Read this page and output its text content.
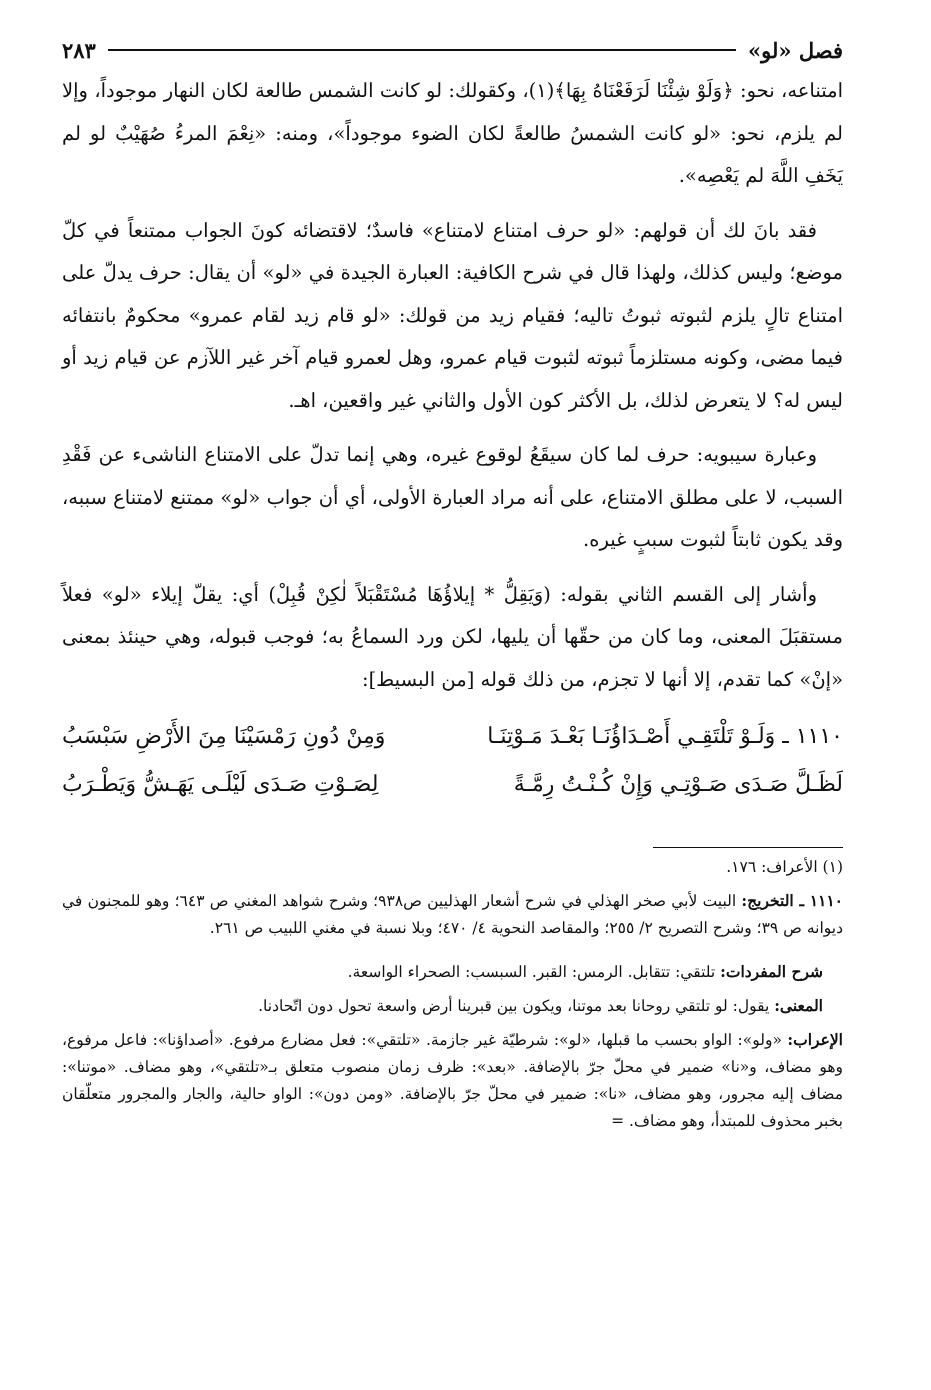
فصل «لو»
٢٨٣

امتناعه، نحو: ﴿وَلَوْ شِئْنَا لَرَفَعْنَاهُ بِهَا﴾(١)، وكقولك: لو كانت الشمس طالعة لكان النهار موجوداً، وإلا لم يلزم، نحو: «لو كانت الشمسُ طالعةً لكان الضوء موجوداً»، ومنه: «نِعْمَ المرءُ صُهَيْبٌ لو لم يَخَفِ اللَّهَ لم يَعْصِه».

فقد بانَ لك أن قولهم: «لو حرف امتناع لامتناع» فاسدٌ؛ لاقتضائه كونَ الجواب ممتنعاً في كلّ موضع؛ وليس كذلك، ولهذا قال في شرح الكافية: العبارة الجيدة في «لو» أن يقال: حرف يدلّ على امتناع تالٍ يلزم لثبوته ثبوتُ تاليه؛ فقيام زيد من قولك: «لو قام زيد لقام عمرو» محكومٌ بانتفائه فيما مضى، وكونه مستلزماً ثبوته لثبوت قيام عمرو، وهل لعمرو قيام آخر غير اللآزم عن قيام زيد أو ليس له؟ لا يتعرض لذلك، بل الأكثر كون الأول والثاني غير واقعين، اهـ.

وعبارة سيبويه: حرف لما كان سيقَعُ لوقوع غيره، وهي إنما تدلّ على الامتناع الناشىء عن فَقْدِ السبب، لا على مطلق الامتناع، على أنه مراد العبارة الأولى، أي أن جواب «لو» ممتنع لامتناع سببه، وقد يكون ثابتاً لثبوت سببٍ غيره.

وأشار إلى القسم الثاني بقوله: (وَيَقِلُّ * إيلاؤُهَا مُسْتَقْبَلاً لٰكِنْ قُبِلْ) أي: يقلّ إيلاء «لو» فعلاً مستقبَلَ المعنى، وما كان من حقّها أن يليها، لكن ورد السماعُ به؛ فوجب قبوله، وهي حينئذ بمعنى «إنْ» كما تقدم، إلا أنها لا تجزم، من ذلك قوله [من البسيط]:

١١١٠ ـ وَلَـوْ تَلْتَقِـي أَصْـدَاؤُنَـا بَعْـدَ مَـوْتِنَـا
وَمِنْ دُونِ رَمْسَيْنَا مِنَ الأَرْضِ سَبْسَبُ
لَظَـلَّ صَـدَى صَـوْتِـي وَإِنْ كُـنْـتُ رِمَّـةً
لِصَـوْتِ صَـدَى لَيْلَـى يَهَـشُّ وَيَطْـرَبُ

(١) الأعراف: ١٧٦.

١١١٠ ـ التخريج: البيت لأبي صخر الهذلي في شرح أشعار الهذليين ص٩٣٨؛ وشرح شواهد المغني ص ٦٤٣؛ وهو للمجنون في ديوانه ص ٣٩؛ وشرح التصريح ٢/ ٢٥٥؛ والمقاصد النحوية ٤/ ٤٧٠؛ وبلا نسبة في مغني اللبيب ص ٢٦١.

شرح المفردات: تلتقي: تتقابل. الرمس: القبر. السبسب: الصحراء الواسعة.

المعنى: يقول: لو تلتقي روحانا بعد موتنا، ويكون بين قبرينا أرض واسعة تحول دون اتّحادنا.

الإعراب: «ولو»: الواو بحسب ما قبلها، «لو»: شرطيّة غير جازمة. «تلتقي»: فعل مضارع مرفوع. «أصداؤنا»: فاعل مرفوع، وهو مضاف، و«نا» ضمير في محلّ جرّ بالإضافة. «بعد»: ظرف زمان منصوب متعلق بـ«تلتقي»، وهو مضاف. «موتنا»: مضاف إليه مجرور، وهو مضاف، «نا»: ضمير في محلّ جرّ بالإضافة. «ومن دون»: الواو حالية، والجار والمجرور متعلّقان بخبر محذوف للمبتدأ، وهو مضاف. =
